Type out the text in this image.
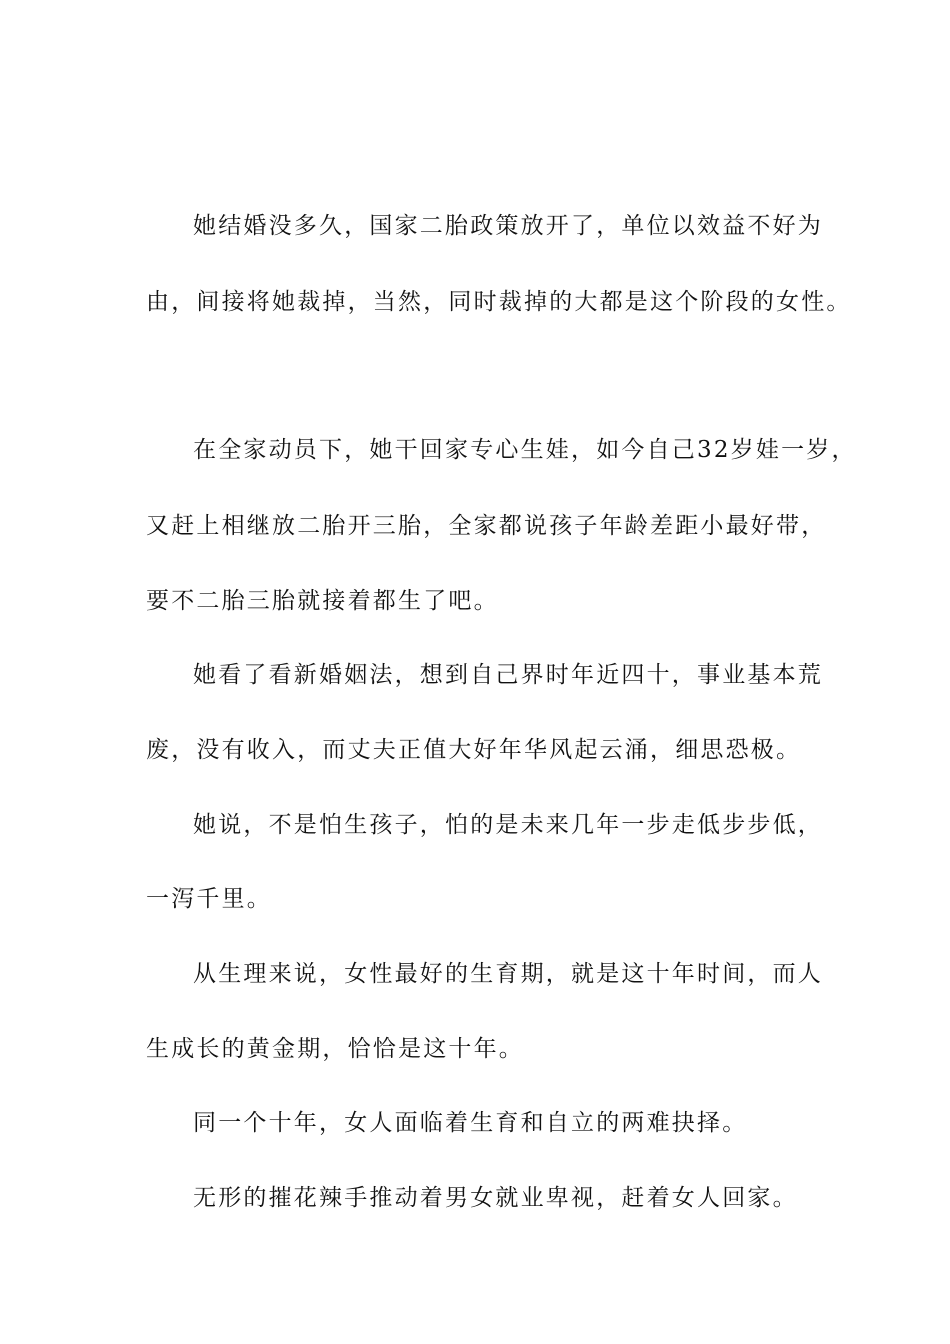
她结婚没多久，国家二胎政策放开了，单位以效益不好为
由，间接将她裁掉，当然，同时裁掉的大都是这个阶段的女性。
在全家动员下，她干回家专心生娃，如今自己32岁娃一岁，
又赶上相继放二胎开三胎，全家都说孩子年龄差距小最好带，
要不二胎三胎就接着都生了吧。
她看了看新婚姻法，想到自己界时年近四十，事业基本荒
废，没有收入，而丈夫正值大好年华风起云涌，细思恐极。
她说，不是怕生孩子，怕的是未来几年一步走低步步低，
一泻千里。
从生理来说，女性最好的生育期，就是这十年时间，而人
生成长的黄金期，恰恰是这十年。
同一个十年，女人面临着生育和自立的两难抉择。
无形的摧花辣手推动着男女就业卑视，赶着女人回家。
